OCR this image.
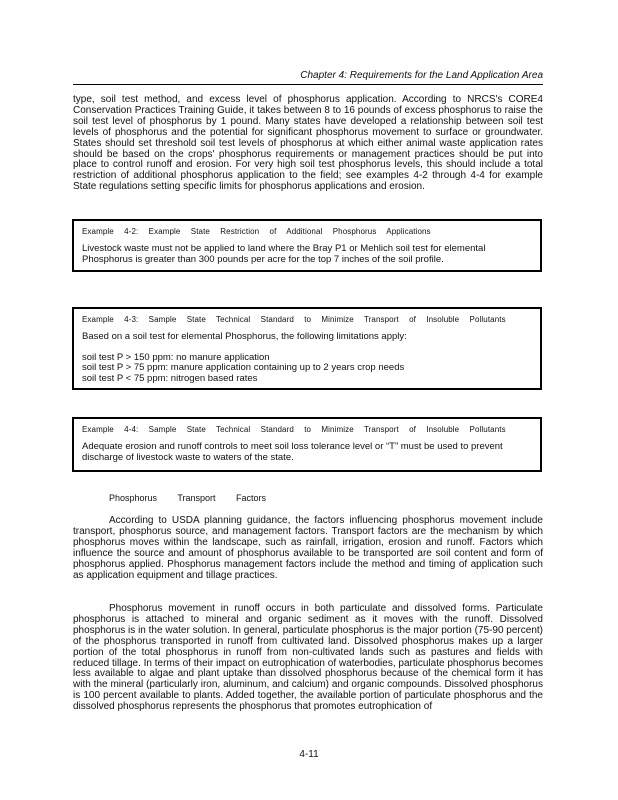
Chapter 4: Requirements for the Land Application Area

type, soil test method, and excess level of phosphorus application. According to NRCS's CORE4 Conservation Practices Training Guide, it takes between 8 to 16 pounds of excess phosphorus to raise the soil test level of phosphorus by 1 pound. Many states have developed a relationship between soil test levels of phosphorus and the potential for significant phosphorus movement to surface or groundwater. States should set threshold soil test levels of phosphorus at which either animal waste application rates should be based on the crops' phosphorus requirements or management practices should be put into place to control runoff and erosion. For very high soil test phosphorus levels, this should include a total restriction of additional phosphorus application to the field; see examples 4-2 through 4-4 for example State regulations setting specific limits for phosphorus applications and erosion.

Example 4-2: Example State Restriction of Additional Phosphorus Applications

Livestock waste must not be applied to land where the Bray P1 or Mehlich soil test for elemental Phosphorus is greater than 300 pounds per acre for the top 7 inches of the soil profile.

Example 4-3: Sample State Technical Standard to Minimize Transport of Insoluble Pollutants

Based on a soil test for elemental Phosphorus, the following limitations apply:

soil test P > 150 ppm: no manure application
soil test P > 75 ppm: manure application containing up to 2 years crop needs
soil test P < 75 ppm: nitrogen based rates

Example 4-4: Sample State Technical Standard to Minimize Transport of Insoluble Pollutants

Adequate erosion and runoff controls to meet soil loss tolerance level or “T” must be used to prevent discharge of livestock waste to waters of the state.

Phosphorus Transport Factors

According to USDA planning guidance, the factors influencing phosphorus movement include transport, phosphorus source, and management factors. Transport factors are the mechanism by which phosphorus moves within the landscape, such as rainfall, irrigation, erosion and runoff. Factors which influence the source and amount of phosphorus available to be transported are soil content and form of phosphorus applied. Phosphorus management factors include the method and timing of application such as application equipment and tillage practices.

Phosphorus movement in runoff occurs in both particulate and dissolved forms. Particulate phosphorus is attached to mineral and organic sediment as it moves with the runoff. Dissolved phosphorus is in the water solution. In general, particulate phosphorus is the major portion (75-90 percent) of the phosphorus transported in runoff from cultivated land. Dissolved phosphorus makes up a larger portion of the total phosphorus in runoff from non-cultivated lands such as pastures and fields with reduced tillage. In terms of their impact on eutrophication of waterbodies, particulate phosphorus becomes less available to algae and plant uptake than dissolved phosphorus because of the chemical form it has with the mineral (particularly iron, aluminum, and calcium) and organic compounds. Dissolved phosphorus is 100 percent available to plants. Added together, the available portion of particulate phosphorus and the dissolved phosphorus represents the phosphorus that promotes eutrophication of

4-11
